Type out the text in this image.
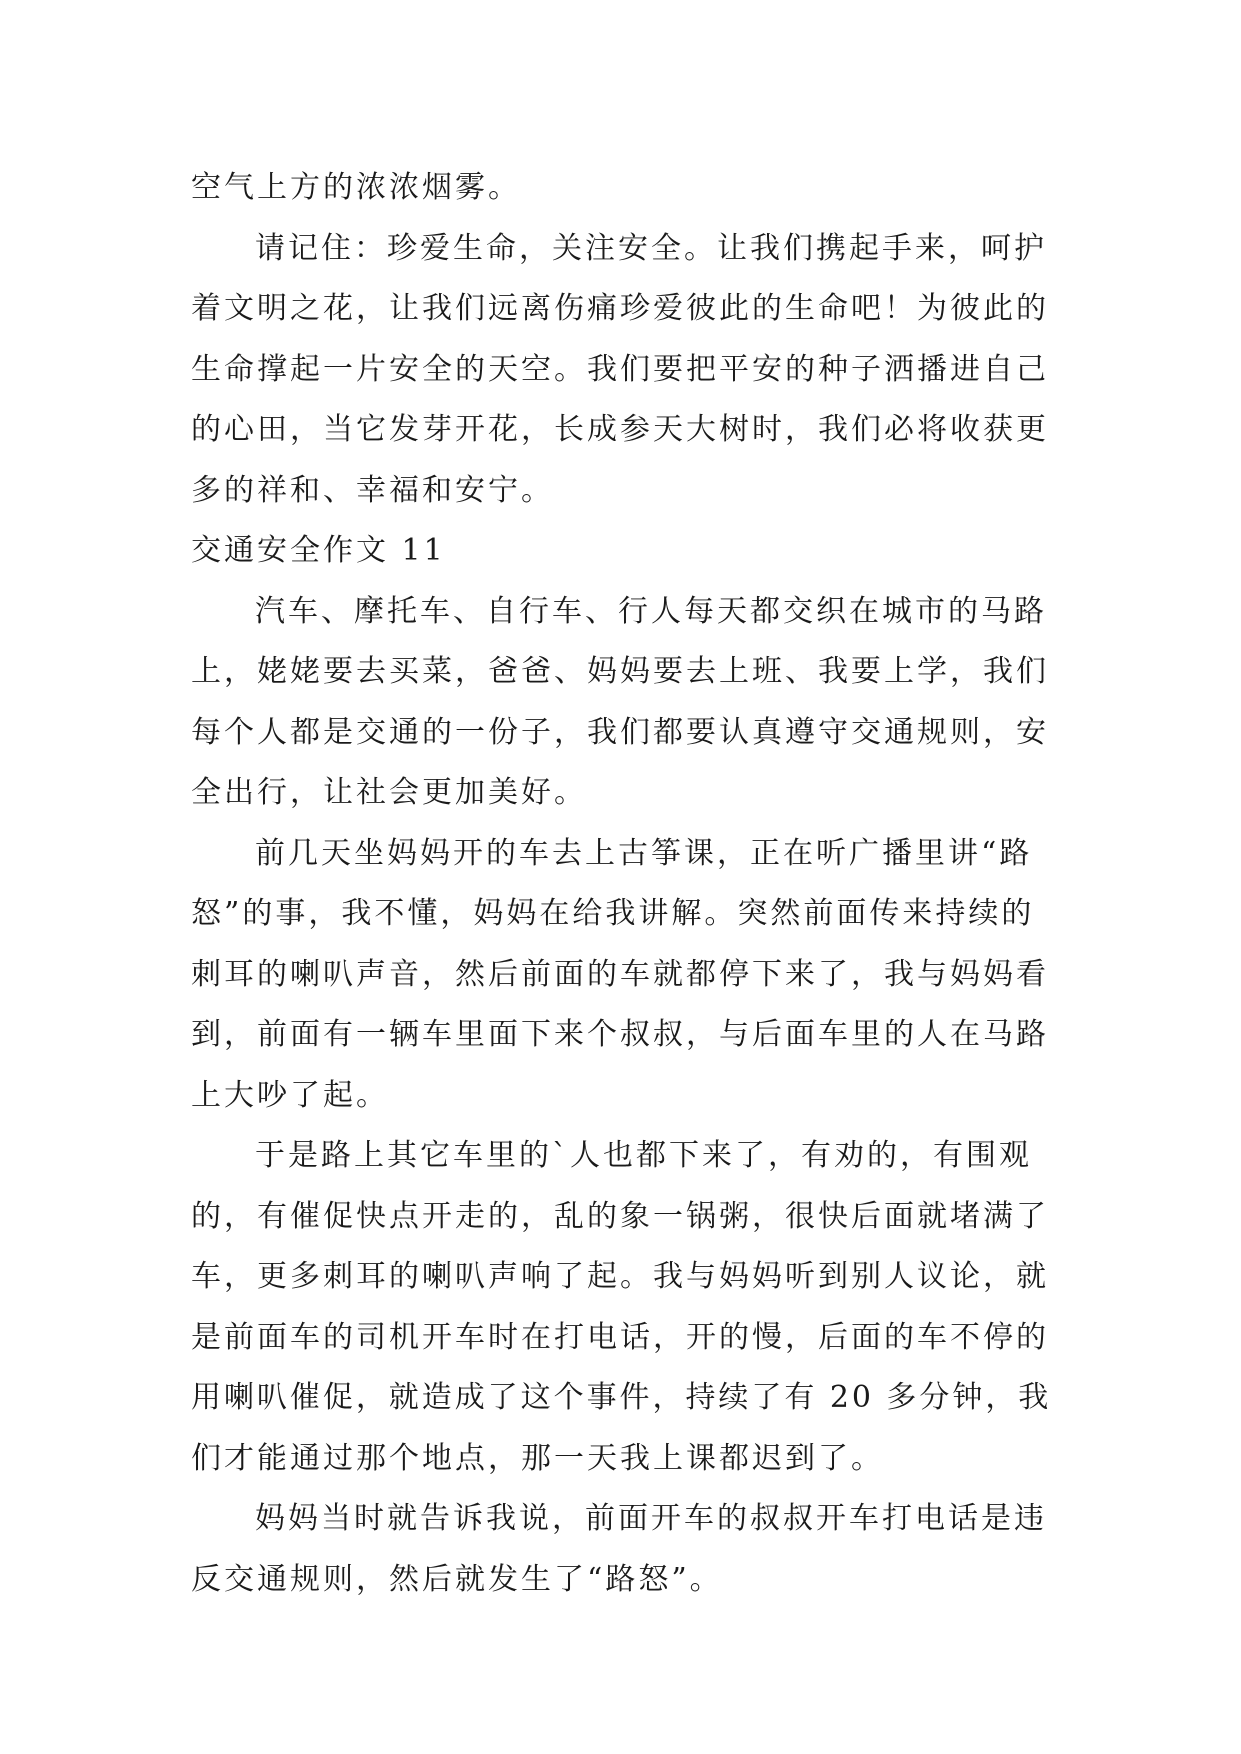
空气上方的浓浓烟雾。
请记住：珍爱生命，关注安全。让我们携起手来，呵护
着文明之花，让我们远离伤痛珍爱彼此的生命吧！为彼此的
生命撑起一片安全的天空。我们要把平安的种子洒播进自己
的心田，当它发芽开花，长成参天大树时，我们必将收获更
多的祥和、幸福和安宁。
交通安全作文 11
汽车、摩托车、自行车、行人每天都交织在城市的马路
上，姥姥要去买菜，爸爸、妈妈要去上班、我要上学，我们
每个人都是交通的一份子，我们都要认真遵守交通规则，安
全出行，让社会更加美好。
前几天坐妈妈开的车去上古筝课，正在听广播里讲“路
怒”的事，我不懂，妈妈在给我讲解。突然前面传来持续的
刺耳的喇叭声音，然后前面的车就都停下来了，我与妈妈看
到，前面有一辆车里面下来个叔叔，与后面车里的人在马路
上大吵了起。
于是路上其它车里的`人也都下来了，有劝的，有围观
的，有催促快点开走的，乱的象一锅粥，很快后面就堵满了
车，更多刺耳的喇叭声响了起。我与妈妈听到别人议论，就
是前面车的司机开车时在打电话，开的慢，后面的车不停的
用喇叭催促，就造成了这个事件，持续了有 20 多分钟，我
们才能通过那个地点，那一天我上课都迟到了。
妈妈当时就告诉我说，前面开车的叔叔开车打电话是违
反交通规则，然后就发生了“路怒”。
